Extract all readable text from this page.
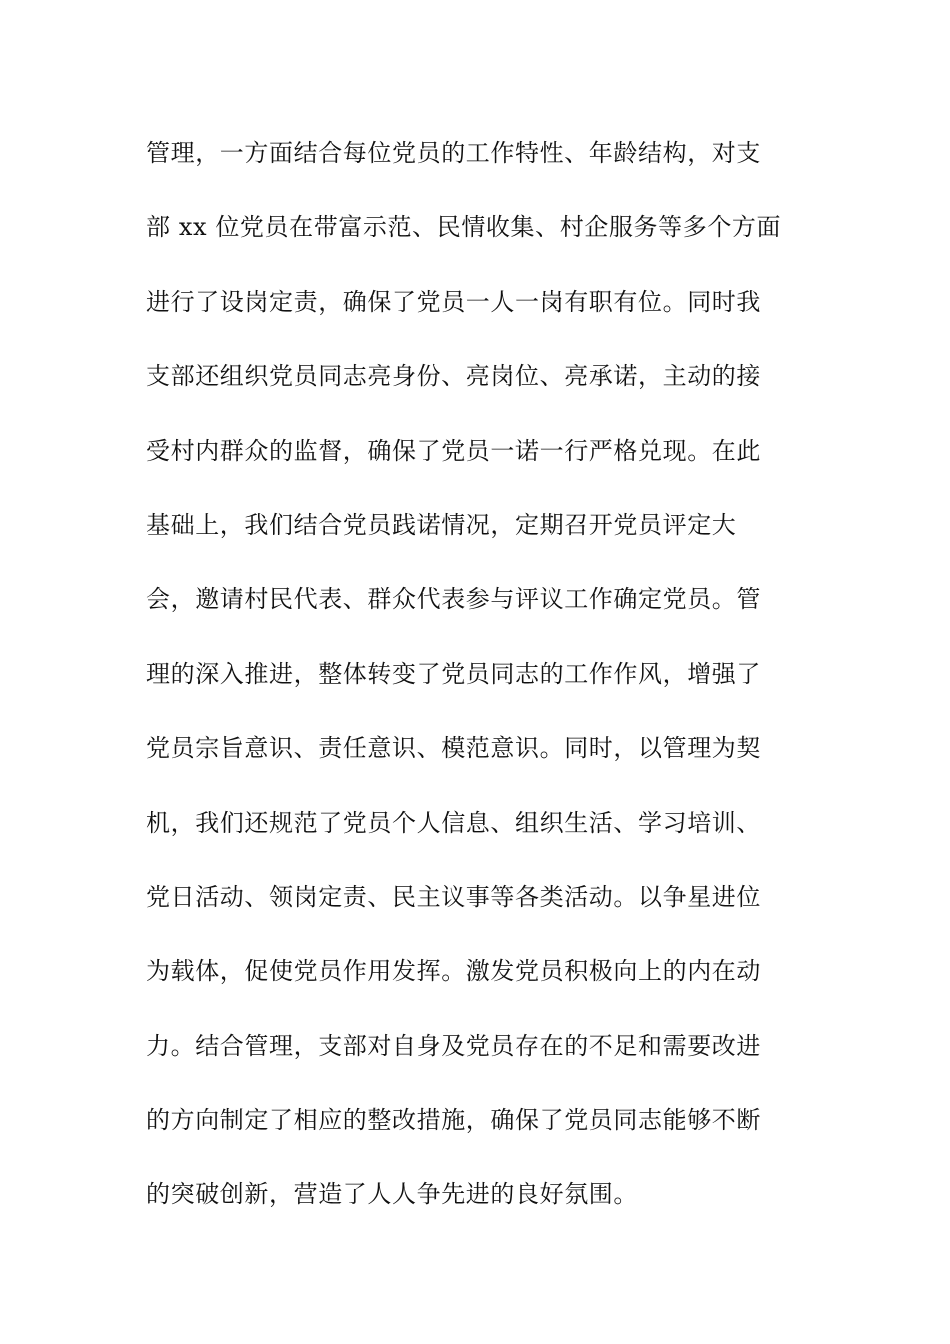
管理，一方面结合每位党员的工作特性、年龄结构，对支
部 xx 位党员在带富示范、民情收集、村企服务等多个方面
进行了设岗定责，确保了党员一人一岗有职有位。同时我
支部还组织党员同志亮身份、亮岗位、亮承诺，主动的接
受村内群众的监督，确保了党员一诺一行严格兑现。在此
基础上，我们结合党员践诺情况，定期召开党员评定大
会，邀请村民代表、群众代表参与评议工作确定党员。管
理的深入推进，整体转变了党员同志的工作作风，增强了
党员宗旨意识、责任意识、模范意识。同时，以管理为契
机，我们还规范了党员个人信息、组织生活、学习培训、
党日活动、领岗定责、民主议事等各类活动。以争星进位
为载体，促使党员作用发挥。激发党员积极向上的内在动
力。结合管理，支部对自身及党员存在的不足和需要改进
的方向制定了相应的整改措施，确保了党员同志能够不断
的突破创新，营造了人人争先进的良好氛围。
